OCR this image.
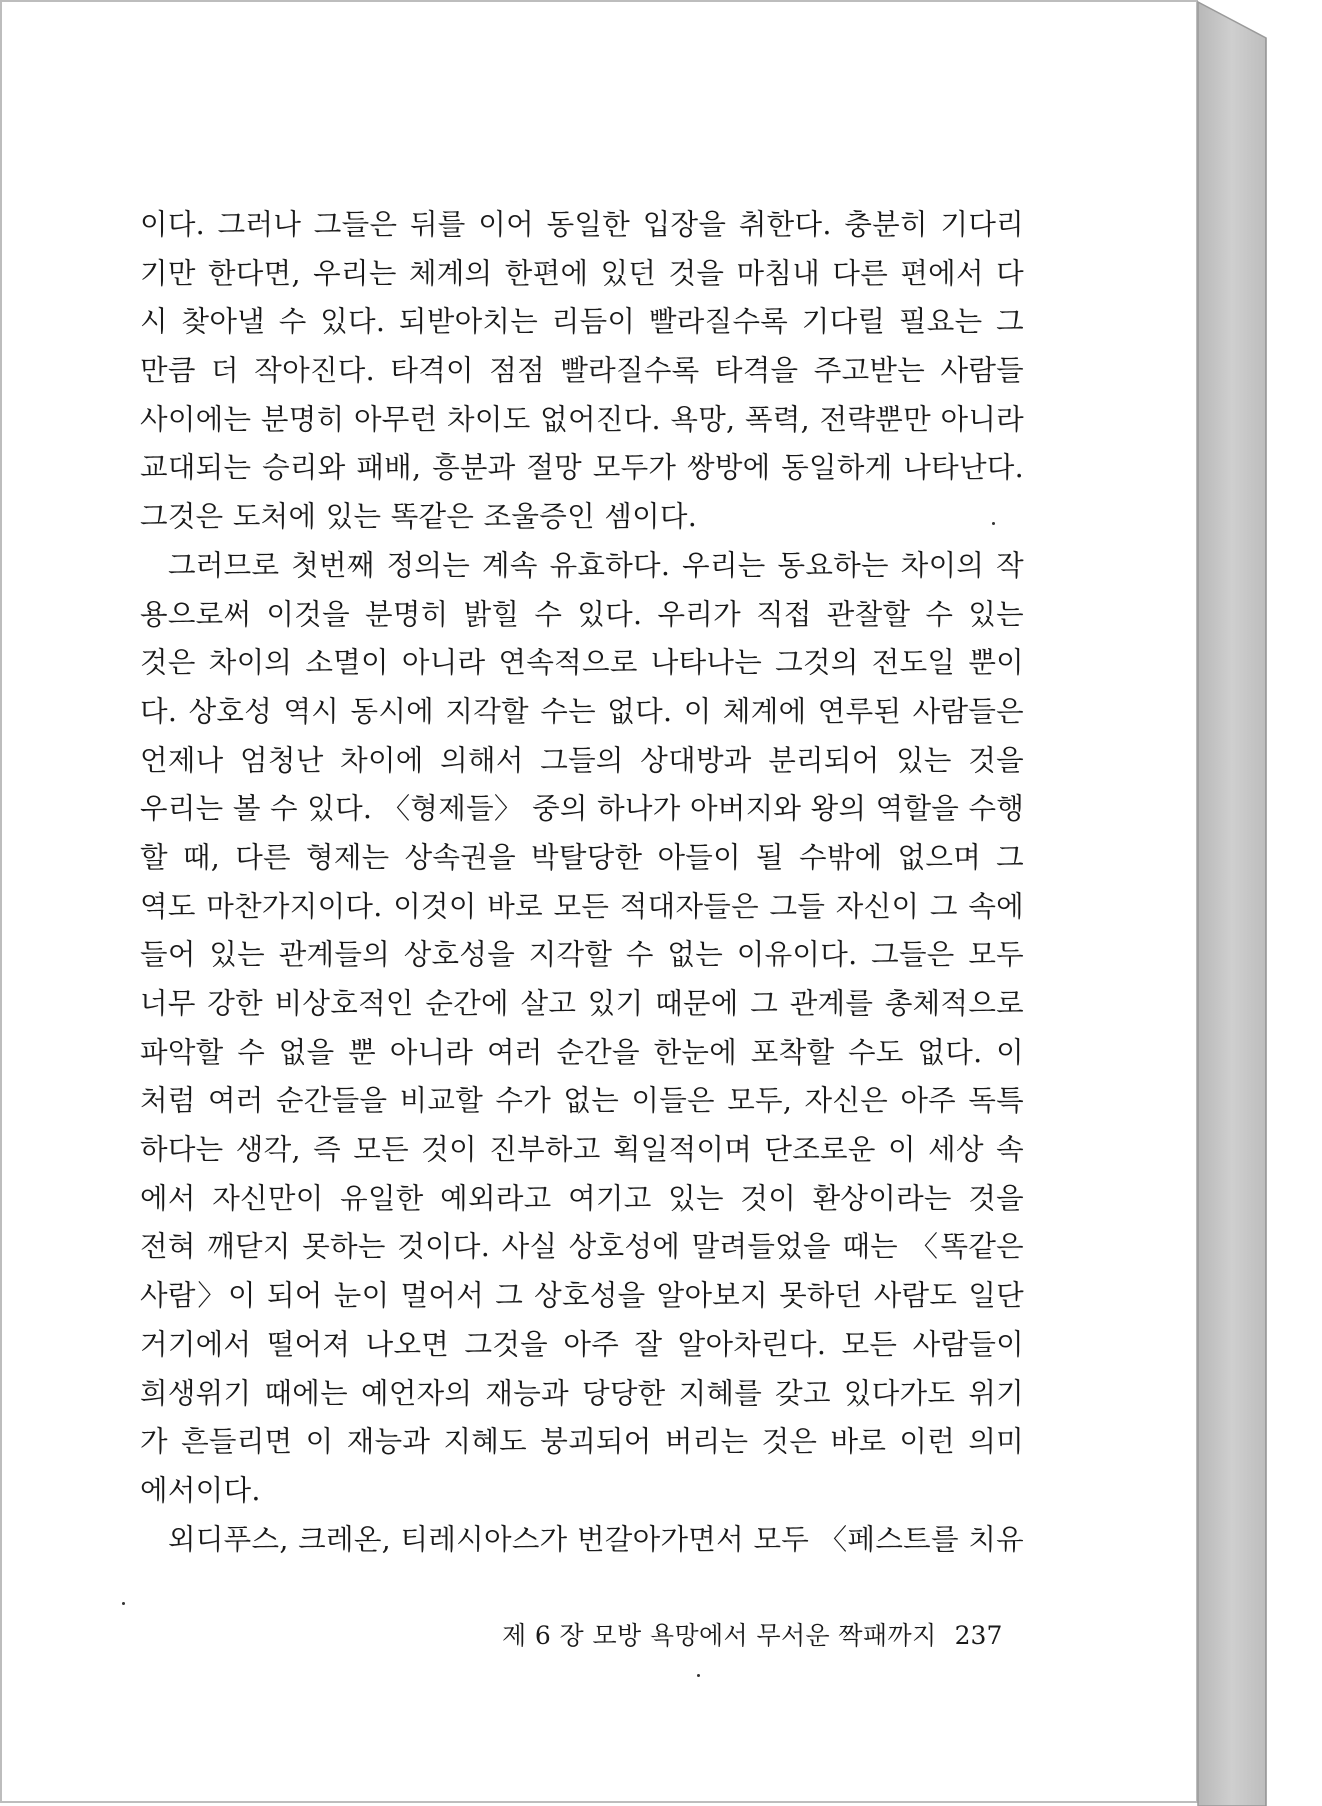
이다. 그러나 그들은 뒤를 이어 동일한 입장을 취한다. 충분히 기다리
기만 한다면, 우리는 체계의 한편에 있던 것을 마침내 다른 편에서 다
시 찾아낼 수 있다. 되받아치는 리듬이 빨라질수록 기다릴 필요는 그
만큼 더 작아진다. 타격이 점점 빨라질수록 타격을 주고받는 사람들
사이에는 분명히 아무런 차이도 없어진다. 욕망, 폭력, 전략뿐만 아니라
교대되는 승리와 패배, 흥분과 절망 모두가 쌍방에 동일하게 나타난다.
그것은 도처에 있는 똑같은 조울증인 셈이다.
그러므로 첫번째 정의는 계속 유효하다. 우리는 동요하는 차이의 작
용으로써 이것을 분명히 밝힐 수 있다. 우리가 직접 관찰할 수 있는
것은 차이의 소멸이 아니라 연속적으로 나타나는 그것의 전도일 뿐이
다. 상호성 역시 동시에 지각할 수는 없다. 이 체계에 연루된 사람들은
언제나 엄청난 차이에 의해서 그들의 상대방과 분리되어 있는 것을
우리는 볼 수 있다. 〈형제들〉 중의 하나가 아버지와 왕의 역할을 수행
할 때, 다른 형제는 상속권을 박탈당한 아들이 될 수밖에 없으며 그
역도 마찬가지이다. 이것이 바로 모든 적대자들은 그들 자신이 그 속에
들어 있는 관계들의 상호성을 지각할 수 없는 이유이다. 그들은 모두
너무 강한 비상호적인 순간에 살고 있기 때문에 그 관계를 총체적으로
파악할 수 없을 뿐 아니라 여러 순간을 한눈에 포착할 수도 없다. 이
처럼 여러 순간들을 비교할 수가 없는 이들은 모두, 자신은 아주 독특
하다는 생각, 즉 모든 것이 진부하고 획일적이며 단조로운 이 세상 속
에서 자신만이 유일한 예외라고 여기고 있는 것이 환상이라는 것을
전혀 깨닫지 못하는 것이다. 사실 상호성에 말려들었을 때는 〈똑같은
사람〉이 되어 눈이 멀어서 그 상호성을 알아보지 못하던 사람도 일단
거기에서 떨어져 나오면 그것을 아주 잘 알아차린다. 모든 사람들이
희생위기 때에는 예언자의 재능과 당당한 지혜를 갖고 있다가도 위기
가 흔들리면 이 재능과 지혜도 붕괴되어 버리는 것은 바로 이런 의미
에서이다.
외디푸스, 크레온, 티레시아스가 번갈아가면서 모두 〈페스트를 치유
제 6 장 모방 욕망에서 무서운 짝패까지 237
